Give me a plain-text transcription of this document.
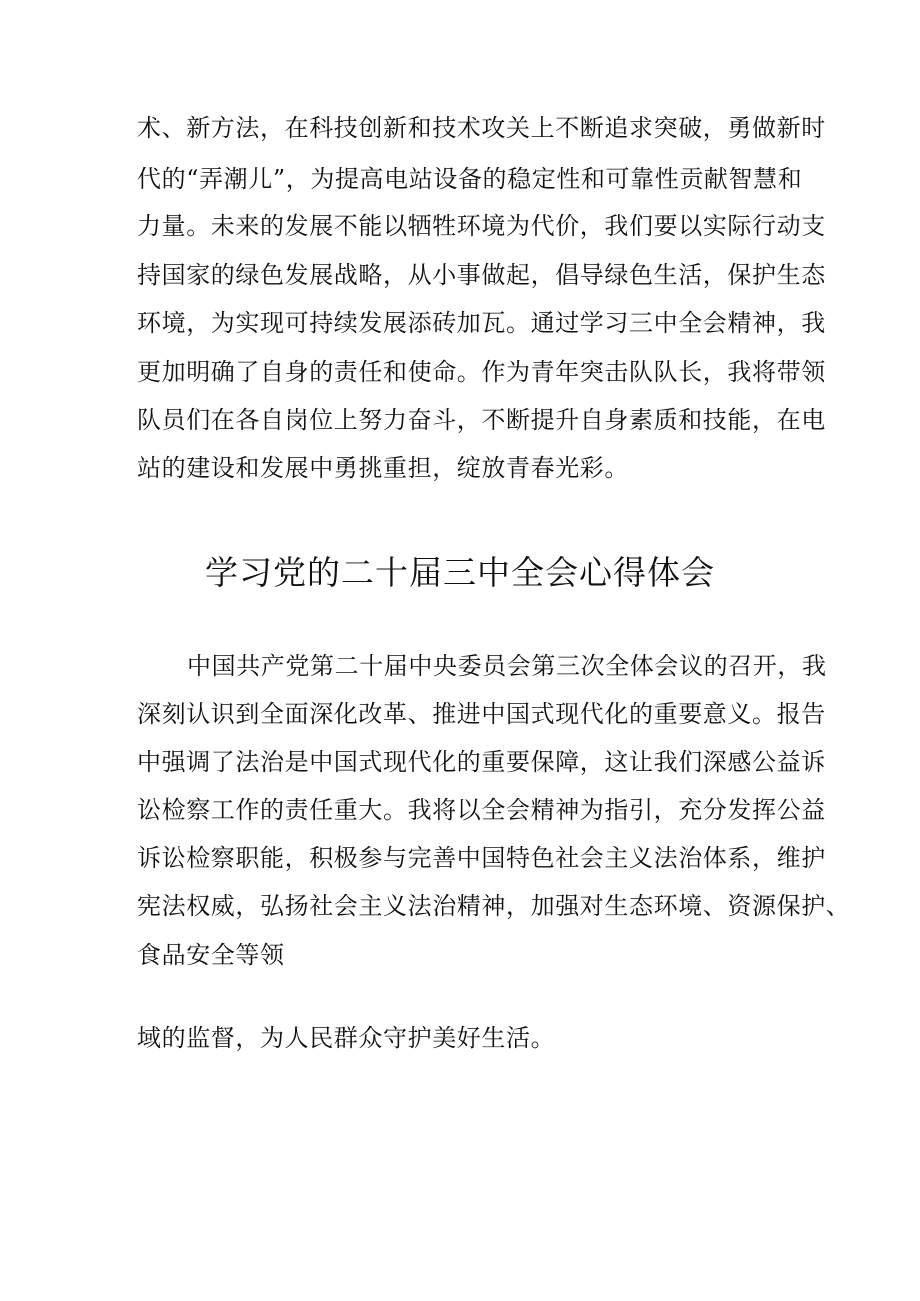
术、新方法，在科技创新和技术攻关上不断追求突破，勇做新时

代的“弄潮儿”，为提高电站设备的稳定性和可靠性贡献智慧和

力量。未来的发展不能以牺牲环境为代价，我们要以实际行动支

持国家的绿色发展战略，从小事做起，倡导绿色生活，保护生态

环境，为实现可持续发展添砖加瓦。通过学习三中全会精神，我

更加明确了自身的责任和使命。作为青年突击队队长，我将带领

队员们在各自岗位上努力奋斗，不断提升自身素质和技能，在电

站的建设和发展中勇挑重担，绽放青春光彩。

学习党的二十届三中全会心得体会

中国共产党第二十届中央委员会第三次全体会议的召开，我

深刻认识到全面深化改革、推进中国式现代化的重要意义。报告

中强调了法治是中国式现代化的重要保障，这让我们深感公益诉

讼检察工作的责任重大。我将以全会精神为指引，充分发挥公益

诉讼检察职能，积极参与完善中国特色社会主义法治体系，维护

宪法权威，弘扬社会主义法治精神，加强对生态环境、资源保护、

食品安全等领

域的监督，为人民群众守护美好生活。
